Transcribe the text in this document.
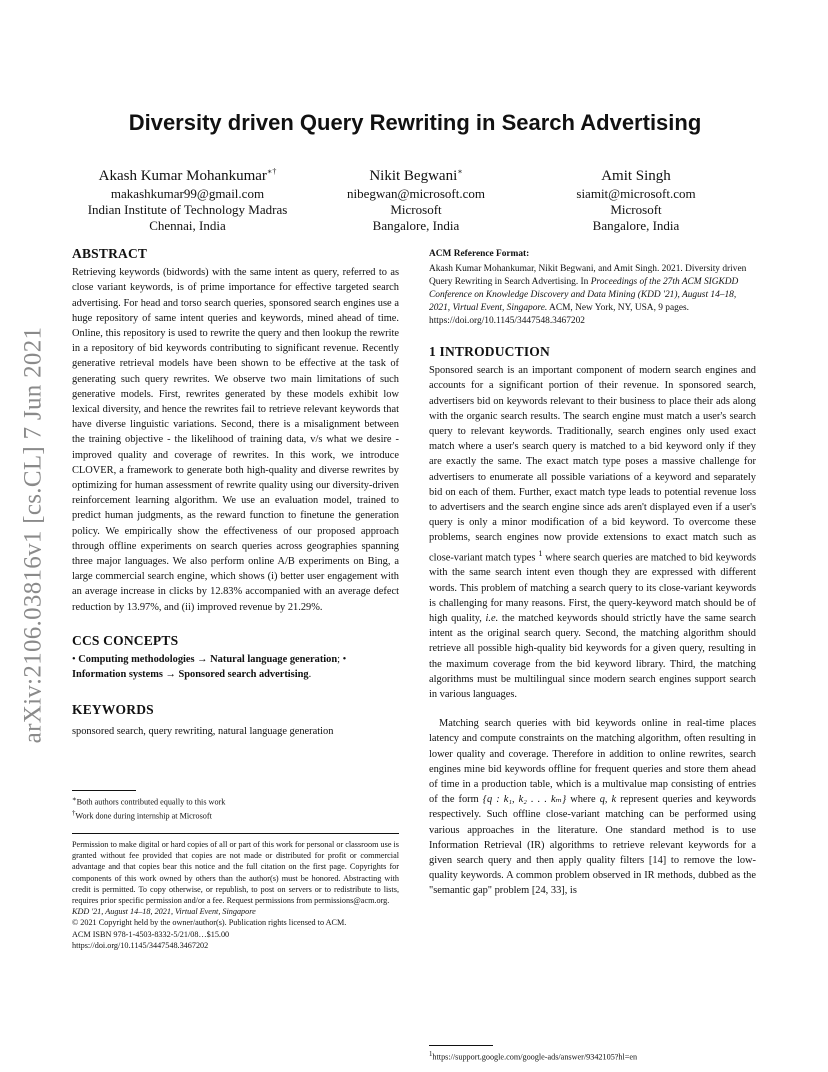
arXiv:2106.03816v1 [cs.CL] 7 Jun 2021
Diversity driven Query Rewriting in Search Advertising
Akash Kumar Mohankumar∗†
makashkumar99@gmail.com
Indian Institute of Technology Madras
Chennai, India
Nikit Begwani∗
nibegwan@microsoft.com
Microsoft
Bangalore, India
Amit Singh
siamit@microsoft.com
Microsoft
Bangalore, India
ABSTRACT

Retrieving keywords (bidwords) with the same intent as query, referred to as close variant keywords, is of prime importance for effective targeted search advertising. For head and torso search queries, sponsored search engines use a huge repository of same intent queries and keywords, mined ahead of time. Online, this repository is used to rewrite the query and then lookup the rewrite in a repository of bid keywords contributing to significant revenue. Recently generative retrieval models have been shown to be effective at the task of generating such query rewrites. We observe two main limitations of such generative models. First, rewrites generated by these models exhibit low lexical diversity, and hence the rewrites fail to retrieve relevant keywords that have diverse linguistic variations. Second, there is a misalignment between the training objective - the likelihood of training data, v/s what we desire - improved quality and coverage of rewrites. In this work, we introduce CLOVER, a framework to generate both high-quality and diverse rewrites by optimizing for human assessment of rewrite quality using our diversity-driven reinforcement learning algorithm. We use an evaluation model, trained to predict human judgments, as the reward function to finetune the generation policy. We empirically show the effectiveness of our proposed approach through offline experiments on search queries across geographies spanning three major languages. We also perform online A/B experiments on Bing, a large commercial search engine, which shows (i) better user engagement with an average increase in clicks by 12.83% accompanied with an average defect reduction by 13.97%, and (ii) improved revenue by 21.29%.

CCS CONCEPTS

• Computing methodologies → Natural language generation; • Information systems → Sponsored search advertising.

KEYWORDS

sponsored search, query rewriting, natural language generation

∗Both authors contributed equally to this work
†Work done during internship at Microsoft

Permission to make digital or hard copies of all or part of this work for personal or classroom use is granted without fee provided that copies are not made or distributed for profit or commercial advantage and that copies bear this notice and the full citation on the first page. Copyrights for components of this work owned by others than the author(s) must be honored. Abstracting with credit is permitted. To copy otherwise, or republish, to post on servers or to redistribute to lists, requires prior specific permission and/or a fee. Request permissions from permissions@acm.org.

KDD '21, August 14–18, 2021, Virtual Event, Singapore

© 2021 Copyright held by the owner/author(s). Publication rights licensed to ACM.

ACM ISBN 978-1-4503-8332-5/21/08…$15.00

https://doi.org/10.1145/3447548.3467202

ACM Reference Format:

Akash Kumar Mohankumar, Nikit Begwani, and Amit Singh. 2021. Diversity driven Query Rewriting in Search Advertising. In Proceedings of the 27th ACM SIGKDD Conference on Knowledge Discovery and Data Mining (KDD '21), August 14–18, 2021, Virtual Event, Singapore. ACM, New York, NY, USA, 9 pages. https://doi.org/10.1145/3447548.3467202

1 INTRODUCTION

Sponsored search is an important component of modern search engines and accounts for a significant portion of their revenue. In sponsored search, advertisers bid on keywords relevant to their business to place their ads along with the organic search results. The search engine must match a user's search query to relevant keywords. Traditionally, search engines only used exact match where a user's search query is matched to a bid keyword only if they are exactly the same. The exact match type poses a massive challenge for advertisers to enumerate all possible variations of a keyword and separately bid on each of them. Further, exact match type leads to potential revenue loss to advertisers and the search engine since ads aren't displayed even if a user's query is only a minor modification of a bid keyword. To overcome these problems, search engines now provide extensions to exact match such as close-variant match types $^1$ where search queries are matched to bid keywords with the same search intent even though they are expressed with different words. This problem of matching a search query to its close-variant keywords is challenging for many reasons. First, the query-keyword match should be of high quality, i.e. the matched keywords should strictly have the same search intent as the original search query. Second, the matching algorithm should retrieve all possible high-quality bid keywords for a given query, resulting in the maximum coverage from the bid keyword library. Third, the matching algorithms must be multilingual since modern search engines support search in various languages.

Matching search queries with bid keywords online in real-time places latency and compute constraints on the matching algorithm, often resulting in lower quality and coverage. Therefore in addition to online rewrites, search engines mine bid keywords offline for frequent queries and store them ahead of time in a production table, which is a multivalue map consisting of entries of the form {q : k₁, k₂ . . . kₘ} where q, k represent queries and keywords respectively. Such offline close-variant matching can be performed using various approaches in the literature. One standard method is to use Information Retrieval (IR) algorithms to retrieve relevant keywords for a given search query and then apply quality filters [14] to remove the low-quality keywords. A common problem observed in IR methods, dubbed as the "semantic gap" problem [24, 33], is

$^1$https://support.google.com/google-ads/answer/9342105?hl=en
